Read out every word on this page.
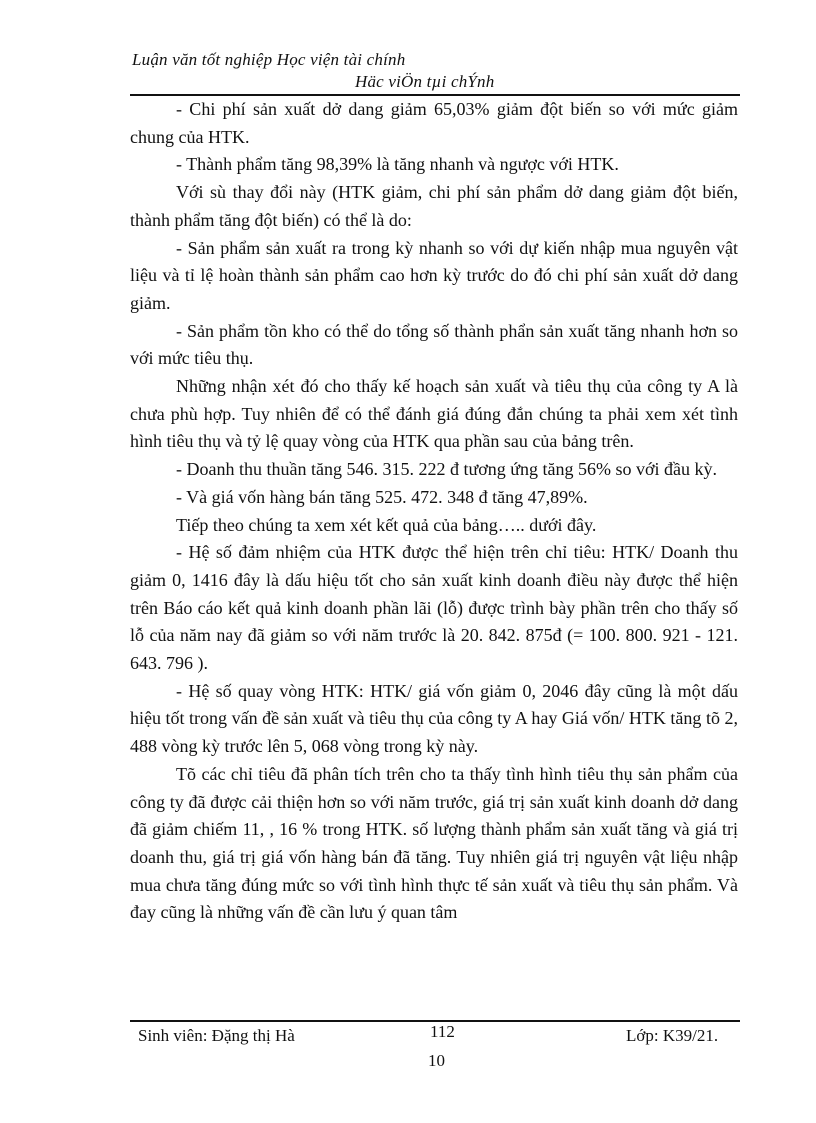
Luận văn tốt nghiệp Học viện tài chính
Häc viÖn tµi chÝnh

- Chi phí sản xuất dở dang giảm 65,03% giảm đột biến so với mức giảm chung của HTK.

- Thành phẩm tăng 98,39% là tăng nhanh và ngược với HTK.

Với sù thay đổi này (HTK giảm, chi phí sản phẩm dở dang giảm đột biến, thành phẩm tăng đột biến) có thể là do:

- Sản phẩm sản xuất ra trong kỳ nhanh so với dự kiến nhập mua nguyên vật liệu và tỉ lệ hoàn thành sản phẩm cao hơn kỳ trước do đó chi phí sản xuất dở dang giảm.

- Sản phẩm tồn kho có thể do tổng số thành phẩn sản xuất tăng nhanh hơn so với mức tiêu thụ.

Những nhận xét đó cho thấy kế hoạch sản xuất và tiêu thụ của công ty A là chưa phù hợp. Tuy nhiên để có thể đánh giá đúng đắn chúng ta phải xem xét tình hình tiêu thụ và tỷ lệ quay vòng của HTK qua phần sau của bảng trên.

- Doanh thu thuần tăng 546. 315. 222 đ tương ứng tăng 56% so với đầu kỳ.

- Và giá vốn hàng bán tăng 525. 472. 348 đ tăng 47,89%.

Tiếp theo chúng ta xem xét kết quả của bảng….. dưới đây.

- Hệ số đảm nhiệm của HTK được thể hiện trên chỉ tiêu: HTK/ Doanh thu giảm 0, 1416 đây là dấu hiệu tốt cho sản xuất kinh doanh điều này được thể hiện trên Báo cáo kết quả kinh doanh phần lãi (lỗ) được trình bày phần trên cho thấy số lỗ của năm nay đã giảm so với năm trước là 20. 842. 875đ (= 100. 800. 921 - 121. 643. 796 ).

- Hệ số quay vòng HTK: HTK/ giá vốn giảm 0, 2046 đây cũng là một dấu hiệu tốt trong vấn đề sản xuất và tiêu thụ của công ty A hay Giá vốn/ HTK tăng tõ 2, 488 vòng kỳ trước lên 5, 068 vòng trong kỳ này.

Tõ các chỉ tiêu đã phân tích trên cho ta thấy tình hình tiêu thụ sản phẩm của công ty đã được cải thiện hơn so với năm trước, giá trị sản xuất kinh doanh dở dang đã giảm chiếm 11, , 16 % trong HTK. số lượng thành phẩm sản xuất tăng và giá trị doanh thu, giá trị giá vốn hàng bán đã tăng. Tuy nhiên giá trị nguyên vật liệu nhập mua chưa tăng đúng mức so với tình hình thực tế sản xuất và tiêu thụ sản phẩm. Và đay cũng là những vấn đề cần lưu ý quan tâm

Sinh viên: Đặng thị Hà	112	Lớp: K39/21.
10
